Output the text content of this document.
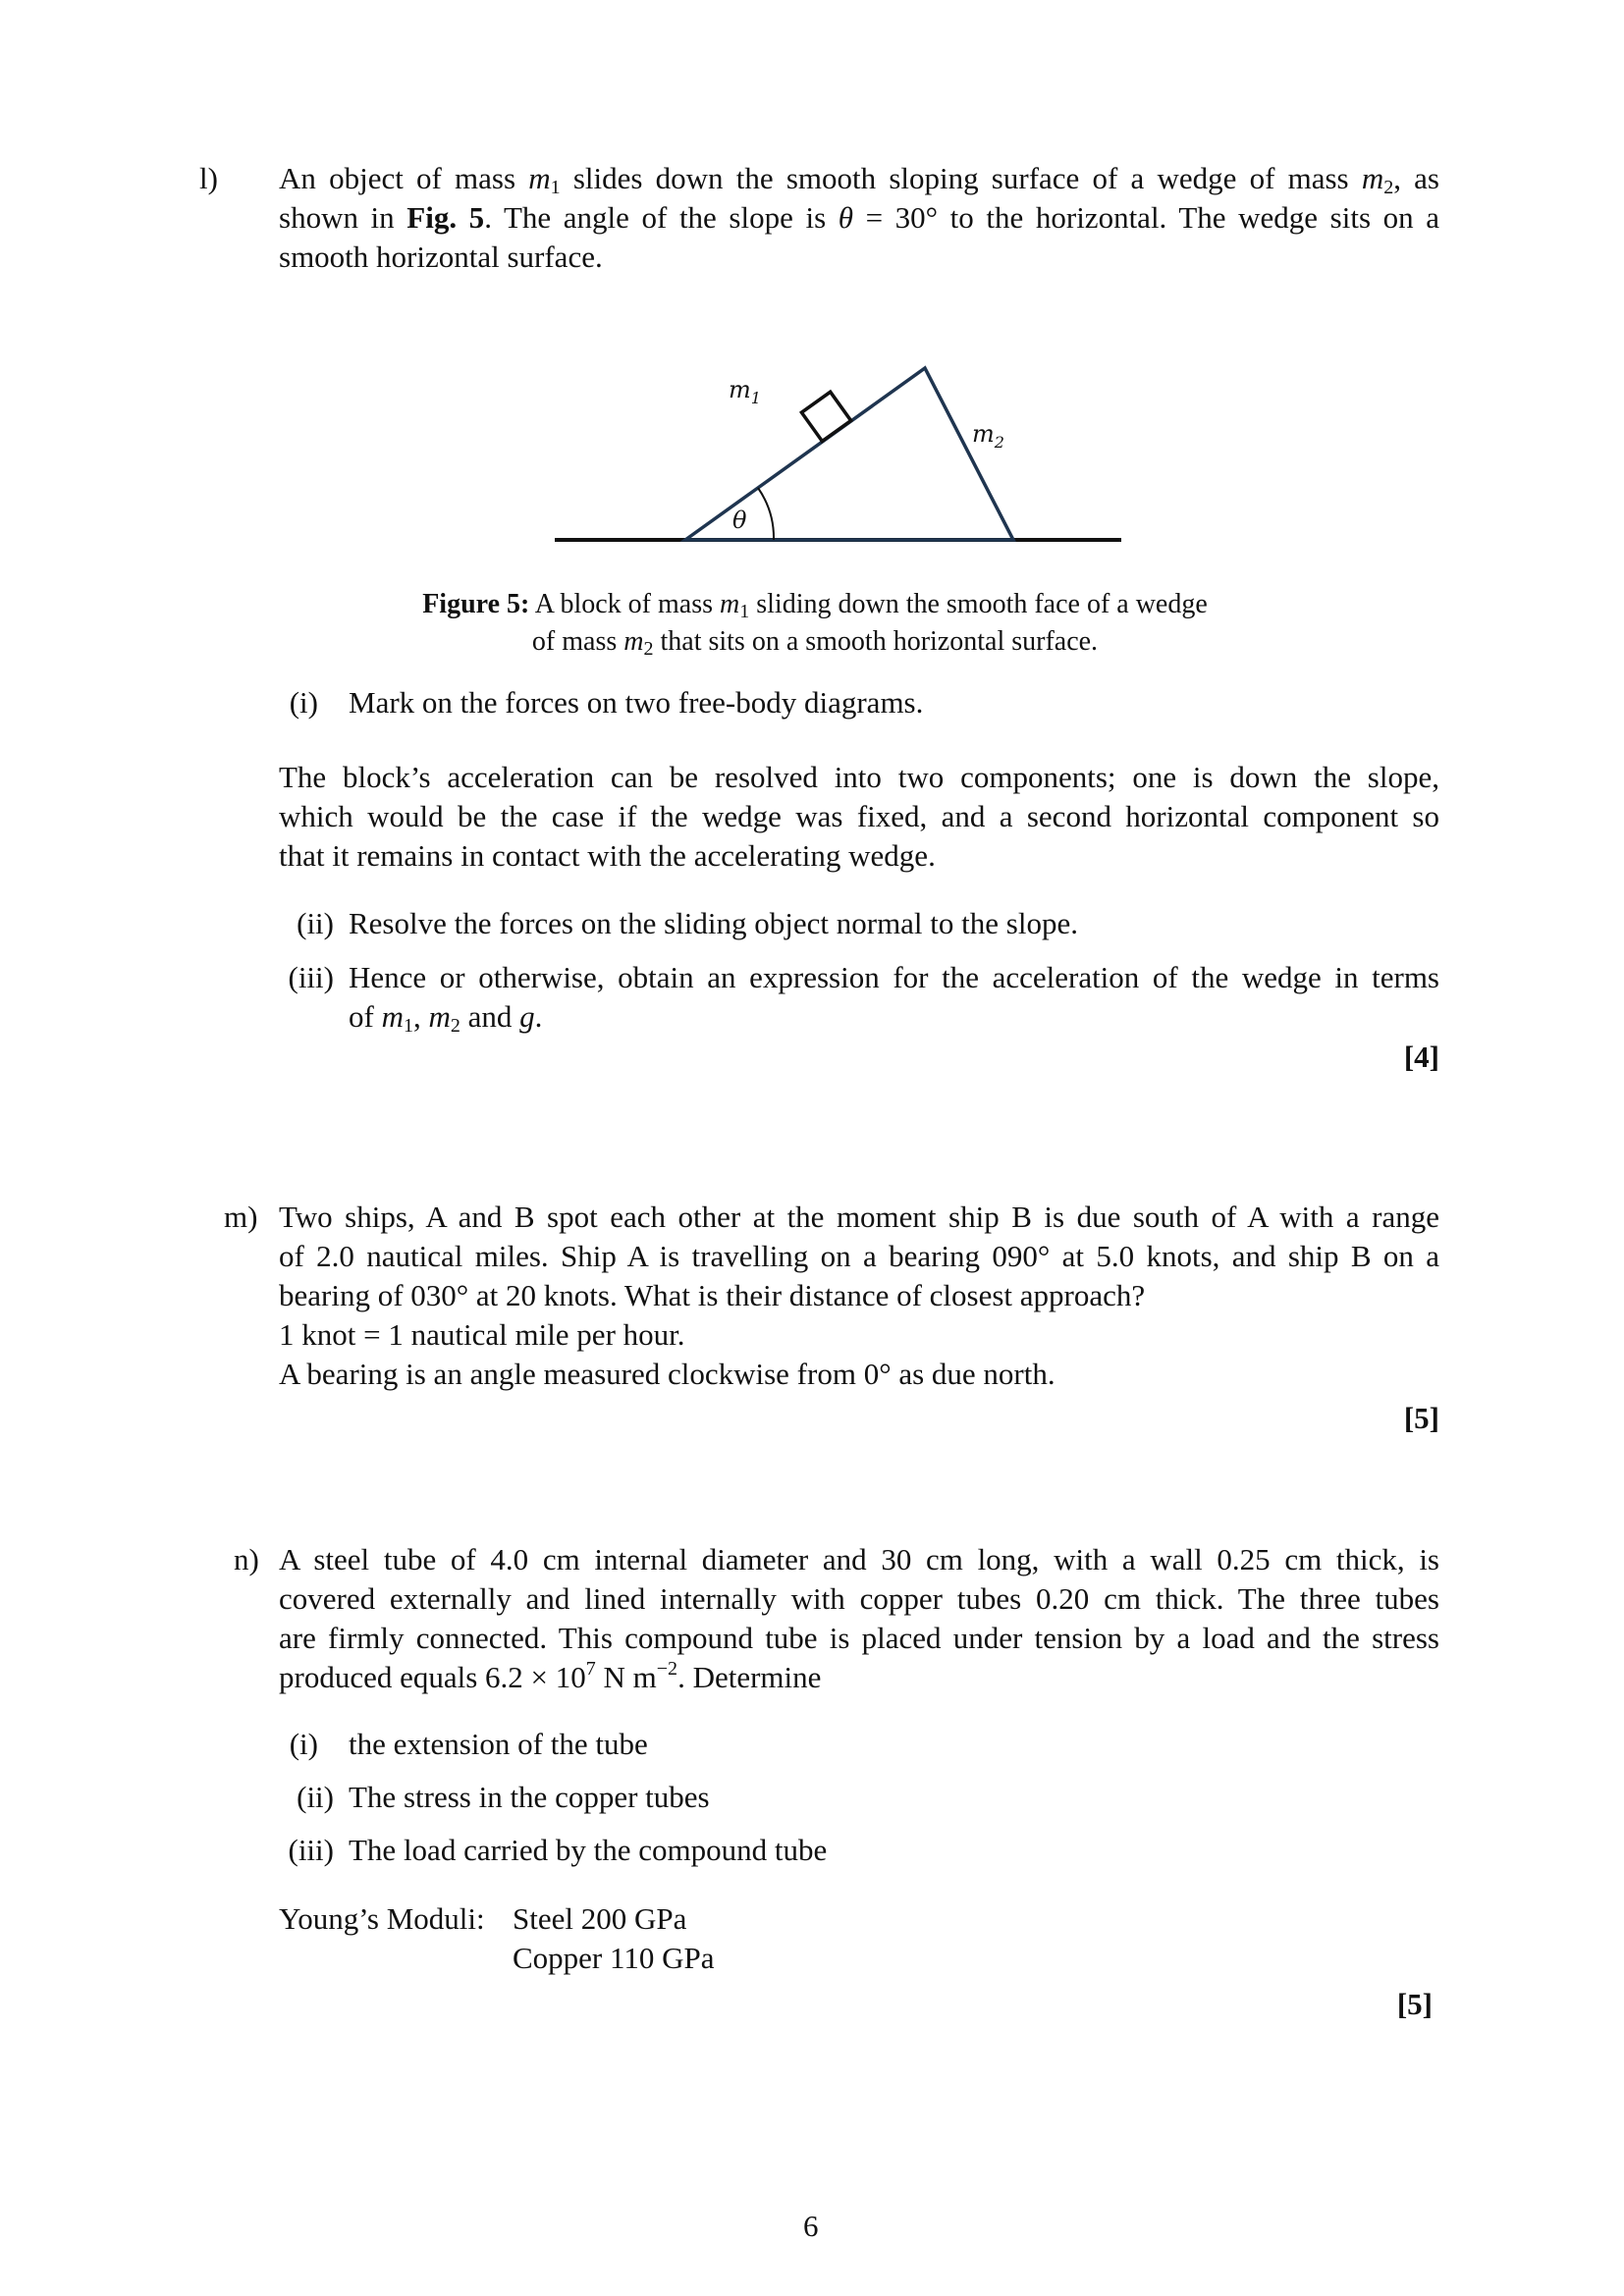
l) An object of mass $m_1$ slides down the smooth sloping surface of a wedge of mass $m_2$, as
shown in Fig. 5. The angle of the slope is θ = 30° to the horizontal. The wedge sits on a
smooth horizontal surface.
$m_1$
$m_2$
θ
Figure 5: A block of mass $m_1$ sliding down the smooth face of a wedge
of mass $m_2$ that sits on a smooth horizontal surface.
(i) Mark on the forces on two free-body diagrams.
The block’s acceleration can be resolved into two components; one is down the slope,
which would be the case if the wedge was fixed, and a second horizontal component so
that it remains in contact with the accelerating wedge.
(ii) Resolve the forces on the sliding object normal to the slope.
(iii) Hence or otherwise, obtain an expression for the acceleration of the wedge in terms
of $m_1$, $m_2$ and g.
[4]
m) Two ships, A and B spot each other at the moment ship B is due south of A with a range
of 2.0 nautical miles. Ship A is travelling on a bearing 090° at 5.0 knots, and ship B on a
bearing of 030° at 20 knots. What is their distance of closest approach?
1 knot = 1 nautical mile per hour.
A bearing is an angle measured clockwise from 0° as due north.
[5]
n) A steel tube of 4.0 cm internal diameter and 30 cm long, with a wall 0.25 cm thick, is
covered externally and lined internally with copper tubes 0.20 cm thick. The three tubes
are firmly connected. This compound tube is placed under tension by a load and the stress
produced equals $6.2 \times 10^7$ N $m^{-2}$. Determine
(i) the extension of the tube
(ii) The stress in the copper tubes
(iii) The load carried by the compound tube
Young’s Moduli: Steel 200 GPa
Copper 110 GPa
[5]
6
